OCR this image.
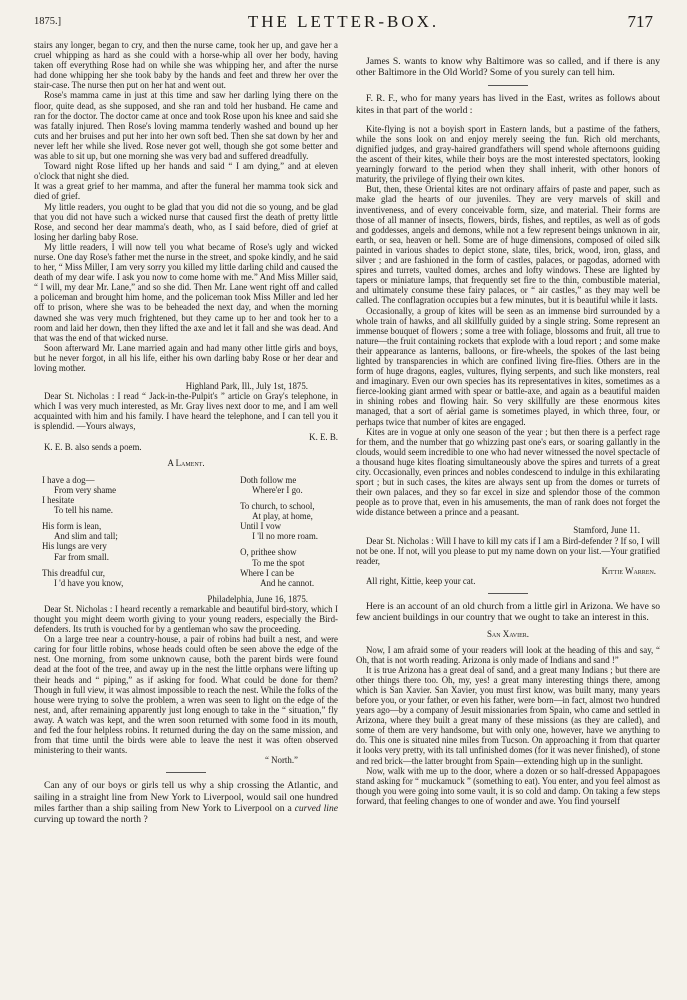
1875.]	THE LETTER-BOX.	717

stairs any longer, began to cry, and then the nurse came, took her up, and gave her a cruel whipping as hard as she could with a horse-whip all over her body, having taken off everything Rose had on while she was whipping her, and after the nurse had done whipping her she took baby by the hands and feet and threw her over the stair-case. The nurse then put on her hat and went out.

Rose's mamma came in just at this time and saw her darling lying there on the floor, quite dead, as she supposed, and she ran and told her husband. He came and ran for the doctor. The doctor came at once and took Rose upon his knee and said she was fatally injured. Then Rose's loving mamma tenderly washed and bound up her cuts and her bruises and put her into her own soft bed. Then she sat down by her and never left her while she lived. Rose never got well, though she got some better and was able to sit up, but one morning she was very bad and suffered dreadfully.

Toward night Rose lifted up her hands and said “ I am dying,” and at eleven o'clock that night she died.

It was a great grief to her mamma, and after the funeral her mamma took sick and died of grief.

My little readers, you ought to be glad that you did not die so young, and be glad that you did not have such a wicked nurse that caused first the death of pretty little Rose, and second her dear mamma's death, who, as I said before, died of grief at losing her darling baby Rose.

My little readers, I will now tell you what became of Rose's ugly and wicked nurse. One day Rose's father met the nurse in the street, and spoke kindly, and he said to her, “ Miss Miller, I am very sorry you killed my little darling child and caused the death of my dear wife. I ask you now to come home with me.” And Miss Miller said, “ I will, my dear Mr. Lane,” and so she did. Then Mr. Lane went right off and called a policeman and brought him home, and the policeman took Miss Miller and led her off to prison, where she was to be beheaded the next day, and when the morning dawned she was very much frightened, but they came up to her and took her to a room and laid her down, then they lifted the axe and let it fall and she was dead. And that was the end of that wicked nurse.

Soon afterward Mr. Lane married again and had many other little girls and boys, but he never forgot, in all his life, either his own darling baby Rose or her dear and loving mother.

Highland Park, Ill., July 1st, 1875.

Dear St. Nicholas : I read “ Jack-in-the-Pulpit's ” article on Gray's telephone, in which I was very much interested, as Mr. Gray lives next door to me, and I am well acquainted with him and his family. I have heard the telephone, and I can tell you it is splendid. —Yours always,

K. E. B.

K. E. B. also sends a poem.

A Lament.

I have a dog—
From very shame
I hesitate
To tell his name.
His form is lean,
And slim and tall;
His lungs are very
Far from small.
This dreadful cur,
I 'd have you know,
Doth follow me
Where'er I go.
To church, to school,
At play, at home,
Until I vow
I 'll no more roam.
O, prithee show
To me the spot
Where I can be
And he cannot.

Philadelphia, June 16, 1875.

Dear St. Nicholas : I heard recently a remarkable and beautiful bird-story, which I thought you might deem worth giving to your young readers, especially the Bird-defenders. Its truth is vouched for by a gentleman who saw the proceeding.

On a large tree near a country-house, a pair of robins had built a nest, and were caring for four little robins, whose heads could often be seen above the edge of the nest. One morning, from some unknown cause, both the parent birds were found dead at the foot of the tree, and away up in the nest the little orphans were lifting up their heads and “ piping,” as if asking for food. What could be done for them? Though in full view, it was almost impossible to reach the nest. While the folks of the house were trying to solve the problem, a wren was seen to light on the edge of the nest, and, after remaining apparently just long enough to take in the “ situation,” fly away. A watch was kept, and the wren soon returned with some food in its mouth, and fed the four helpless robins. It returned during the day on the same mission, and from that time until the birds were able to leave the nest it was often observed ministering to their wants.

“ North.”

Can any of our boys or girls tell us why a ship crossing the Atlantic, and sailing in a straight line from New York to Liverpool, would sail one hundred miles farther than a ship sailing from New York to Liverpool on a curved line curving up toward the north ?

James S. wants to know why Baltimore was so called, and if there is any other Baltimore in the Old World? Some of you surely can tell him.

F. R. F., who for many years has lived in the East, writes as follows about kites in that part of the world :

Kite-flying is not a boyish sport in Eastern lands, but a pastime of the fathers, while the sons look on and enjoy merely seeing the fun. Rich old merchants, dignified judges, and gray-haired grandfathers will spend whole afternoons guiding the ascent of their kites, while their boys are the most interested spectators, looking yearningly forward to the period when they shall inherit, with other honors of maturity, the privilege of flying their own kites.

But, then, these Oriental kites are not ordinary affairs of paste and paper, such as make glad the hearts of our juveniles. They are very marvels of skill and inventiveness, and of every conceivable form, size, and material. Their forms are those of all manner of insects, flowers, birds, fishes, and reptiles, as well as of gods and goddesses, angels and demons, while not a few represent beings unknown in air, earth, or sea, heaven or hell. Some are of huge dimensions, composed of oiled silk painted in various shades to depict stone, slate, tiles, brick, wood, iron, glass, and silver ; and are fashioned in the form of castles, palaces, or pagodas, adorned with spires and turrets, vaulted domes, arches and lofty windows. These are lighted by tapers or miniature lamps, that frequently set fire to the thin, combustible material, and ultimately consume these fairy palaces, or “ air castles,” as they may well be called. The conflagration occupies but a few minutes, but it is beautiful while it lasts.

Occasionally, a group of kites will be seen as an immense bird surrounded by a whole train of hawks, and all skillfully guided by a single string. Some represent an immense bouquet of flowers ; some a tree with foliage, blossoms and fruit, all true to nature—the fruit containing rockets that explode with a loud report ; and some make their appearance as lanterns, balloons, or fire-wheels, the spokes of the last being lighted by transparencies in which are confined living fire-flies. Others are in the form of huge dragons, eagles, vultures, flying serpents, and such like monsters, real and imaginary. Even our own species has its representatives in kites, sometimes as a fierce-looking giant armed with spear or battle-axe, and again as a beautiful maiden in shining robes and flowing hair. So very skillfully are these enormous kites managed, that a sort of aërial game is sometimes played, in which three, four, or perhaps twice that number of kites are engaged.

Kites are in vogue at only one season of the year ; but then there is a perfect rage for them, and the number that go whizzing past one's ears, or soaring gallantly in the clouds, would seem incredible to one who had never witnessed the novel spectacle of a thousand huge kites floating simultaneously above the spires and turrets of a great city. Occasionally, even princes and nobles condescend to indulge in this exhilarating sport ; but in such cases, the kites are always sent up from the domes or turrets of their own palaces, and they so far excel in size and splendor those of the common people as to prove that, even in his amusements, the man of rank does not forget the wide distance between a prince and a peasant.

Stamford, June 11.

Dear St. Nicholas : Will I have to kill my cats if I am a Bird-defender ? If so, I will not be one. If not, will you please to put my name down on your list.—Your gratified reader,

Kittie Warren.

All right, Kittie, keep your cat.

Here is an account of an old church from a little girl in Arizona. We have so few ancient buildings in our country that we ought to take an interest in this.

San Xavier.

Now, I am afraid some of your readers will look at the heading of this and say, “ Oh, that is not worth reading. Arizona is only made of Indians and sand !”

It is true Arizona has a great deal of sand, and a great many Indians ; but there are other things there too. Oh, my, yes! a great many interesting things there, among which is San Xavier. San Xavier, you must first know, was built many, many years before you, or your father, or even his father, were born—in fact, almost two hundred years ago—by a company of Jesuit missionaries from Spain, who came and settled in Arizona, where they built a great many of these missions (as they are called), and some of them are very handsome, but with only one, however, have we anything to do. This one is situated nine miles from Tucson. On approaching it from that quarter it looks very pretty, with its tall unfinished domes (for it was never finished), of stone and red brick—the latter brought from Spain—extending high up in the sunlight.

Now, walk with me up to the door, where a dozen or so half-dressed Appapagoes stand asking for “ muckamuck ” (something to eat). You enter, and you feel almost as though you were going into some vault, it is so cold and damp. On taking a few steps forward, that feeling changes to one of wonder and awe. You find yourself
